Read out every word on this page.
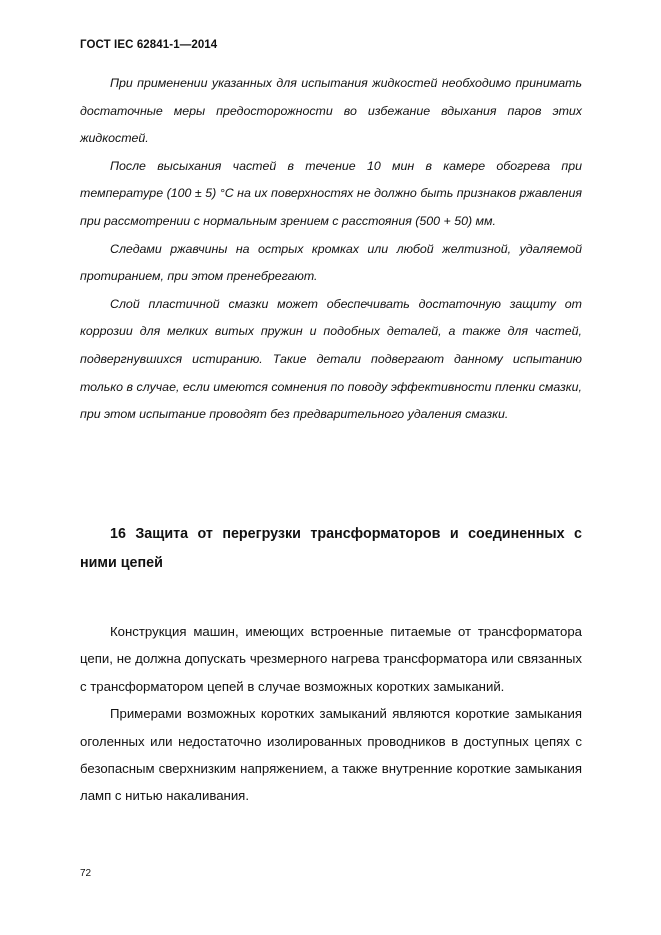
ГОСТ IEC 62841-1—2014

При применении указанных для испытания жидкостей необходимо принимать достаточные меры предосторожности во избежание вдыхания паров этих жидкостей.

После высыхания частей в течение 10 мин в камере обогрева при температуре (100 ± 5) °С на их поверхностях не должно быть признаков ржавления при рассмотрении с нормальным зрением с расстояния (500 + 50) мм.

Следами ржавчины на острых кромках или любой желтизной, удаляемой протиранием, при этом пренебрегают.

Слой пластичной смазки может обеспечивать достаточную защиту от коррозии для мелких витых пружин и подобных деталей, а также для частей, подвергнувшихся истиранию. Такие детали подвергают данному испытанию только в случае, если имеются сомнения по поводу эффективности пленки смазки, при этом испытание проводят без предварительного удаления смазки.

16 Защита от перегрузки трансформаторов и соединенных с ними цепей

Конструкция машин, имеющих встроенные питаемые от трансформатора цепи, не должна допускать чрезмерного нагрева трансформатора или связанных с трансформатором цепей в случае возможных коротких замыканий.

Примерами возможных коротких замыканий являются короткие замыкания оголенных или недостаточно изолированных проводников в доступных цепях с безопасным сверхнизким напряжением, а также внутренние короткие замыкания ламп с нитью накаливания.

72
